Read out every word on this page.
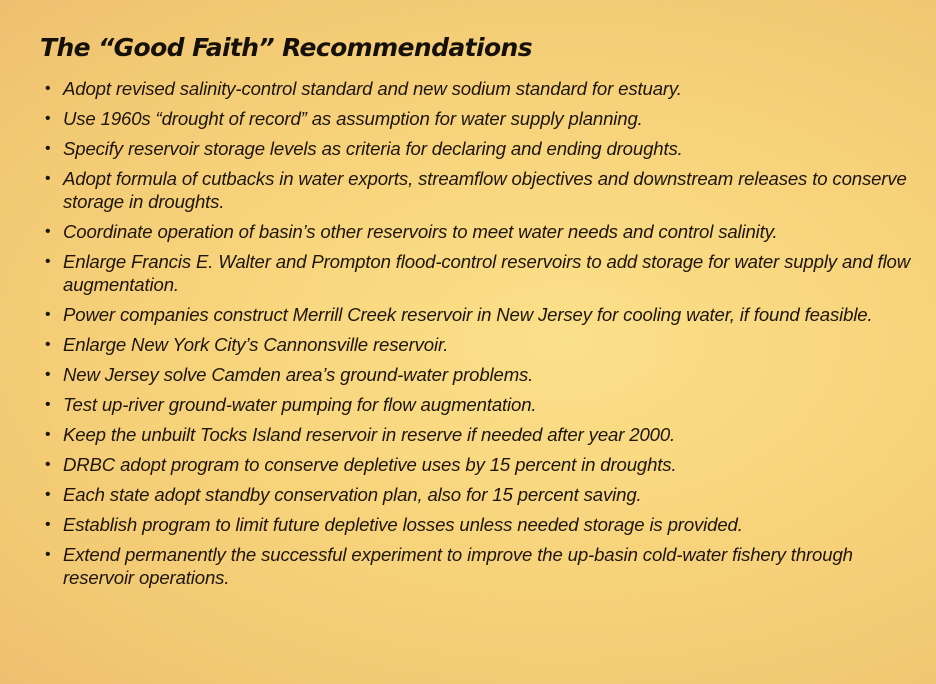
The “Good Faith” Recommendations
• Adopt revised salinity-control standard and new sodium standard for estuary.
• Use 1960s “drought of record” as assumption for water supply planning.
• Specify reservoir storage levels as criteria for declaring and ending droughts.
• Adopt formula of cutbacks in water exports, streamflow objectives and downstream releases to conserve storage in droughts.
• Coordinate operation of basin’s other reservoirs to meet water needs and control salinity.
• Enlarge Francis E. Walter and Prompton flood-control reservoirs to add storage for water supply and flow augmentation.
• Power companies construct Merrill Creek reservoir in New Jersey for cooling water, if found feasible.
• Enlarge New York City’s Cannonsville reservoir.
• New Jersey solve Camden area’s ground-water problems.
• Test up-river ground-water pumping for flow augmentation.
• Keep the unbuilt Tocks Island reservoir in reserve if needed after year 2000.
• DRBC adopt program to conserve depletive uses by 15 percent in droughts.
• Each state adopt standby conservation plan, also for 15 percent saving.
• Establish program to limit future depletive losses unless needed storage is provided.
• Extend permanently the successful experiment to improve the up-basin cold-water fishery through reservoir operations.
